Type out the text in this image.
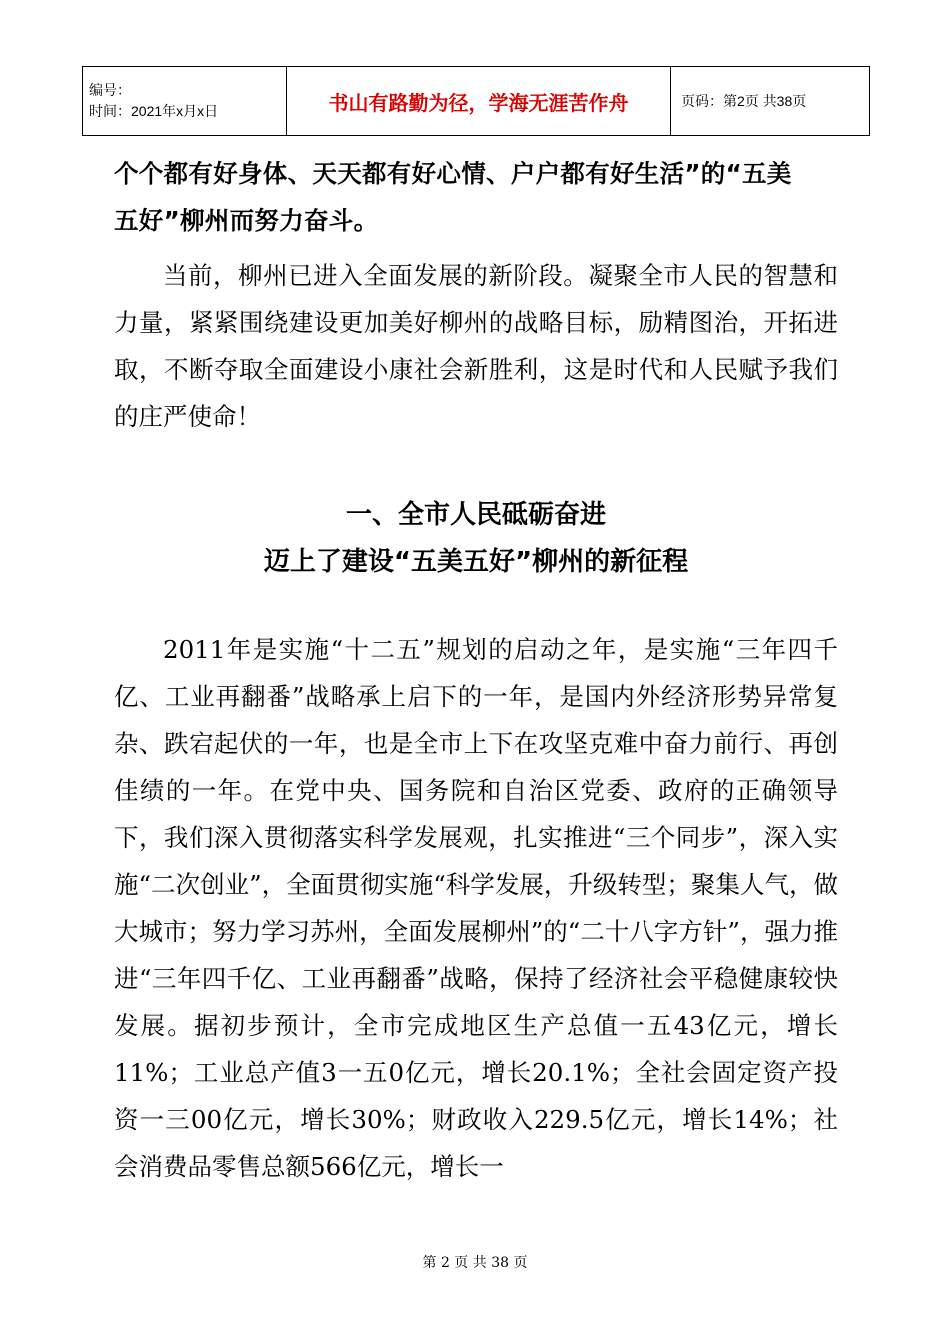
编号：
时间：2021年x月x日	书山有路勤为径，学海无涯苦作舟	页码：第2页 共38页

个个都有好身体、天天都有好心情、户户都有好生活”的“五美

五好”柳州而努力奋斗。

当前，柳州已进入全面发展的新阶段。凝聚全市人民的智慧和力量，紧紧围绕建设更加美好柳州的战略目标，励精图治，开拓进取，不断夺取全面建设小康社会新胜利，这是时代和人民赋予我们的庄严使命！

一、全市人民砥砺奋进

迈上了建设“五美五好”柳州的新征程

2011年是实施“十二五”规划的启动之年，是实施“三年四千亿、工业再翻番”战略承上启下的一年，是国内外经济形势异常复杂、跌宕起伏的一年，也是全市上下在攻坚克难中奋力前行、再创佳绩的一年。在党中央、国务院和自治区党委、政府的正确领导下，我们深入贯彻落实科学发展观，扎实推进“三个同步”，深入实施“二次创业”，全面贯彻实施“科学发展，升级转型；聚集人气，做大城市；努力学习苏州，全面发展柳州”的“二十八字方针”，强力推进“三年四千亿、工业再翻番”战略，保持了经济社会平稳健康较快发展。据初步预计，全市完成地区生产总值一五43亿元，增长11%；工业总产值3一五0亿元，增长20.1%；全社会固定资产投资一三00亿元，增长30%；财政收入229.5亿元，增长14%；社会消费品零售总额566亿元，增长一

第 2 页 共 38 页
